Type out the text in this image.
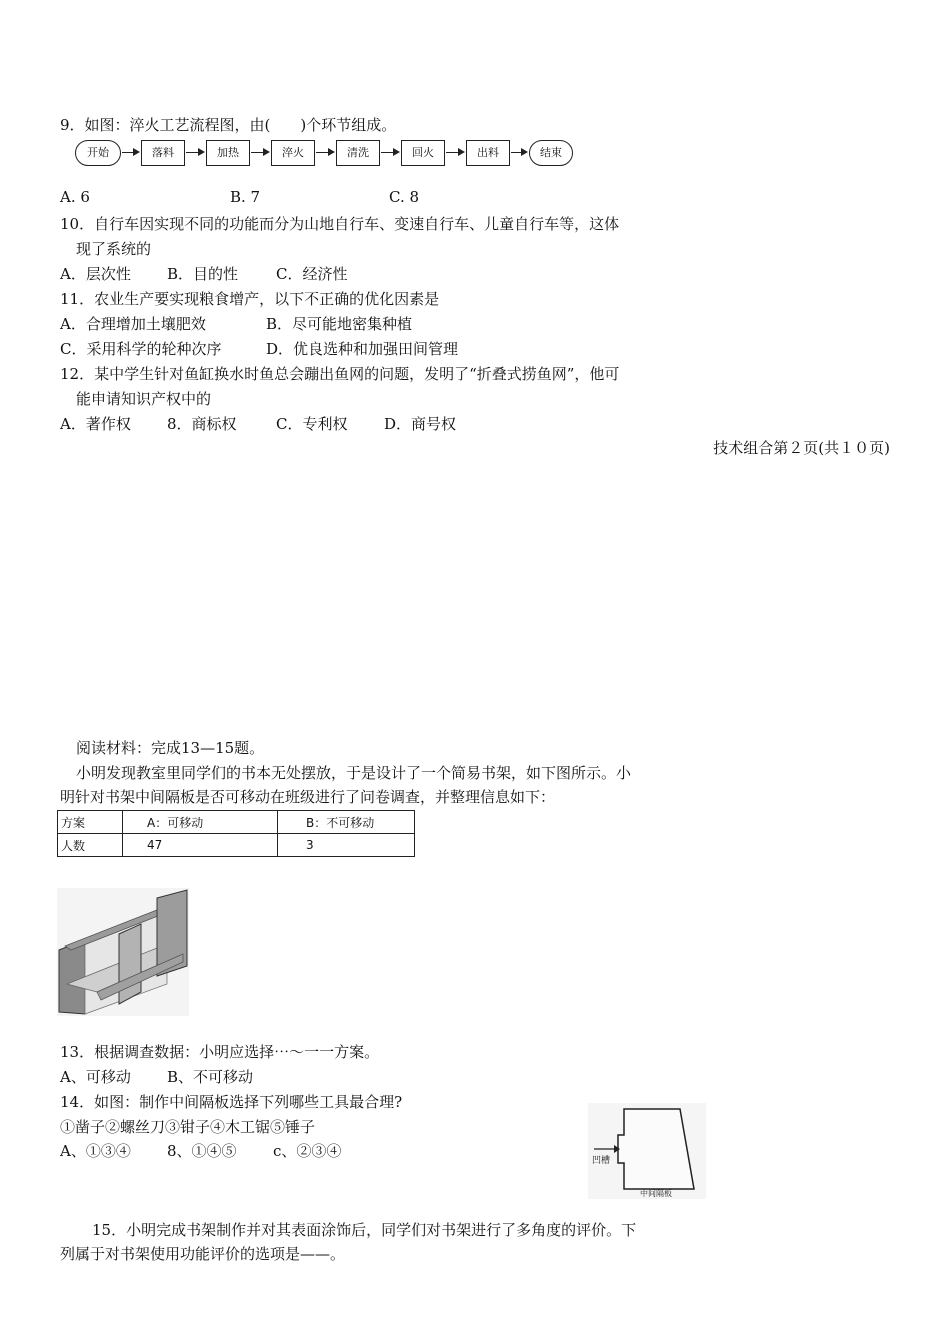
9．如图：淬火工艺流程图，由(　　)个环节组成。
开始	落料	加热	淬火	清洗	回火	出料	结束
A. 6	B. 7	C. 8
10．自行车因实现不同的功能而分为山地自行车、变速自行车、儿童自行车等，这体
现了系统的
A．层次性 B．目的性	C．经济性
11．农业生产要实现粮食增产，以下不正确的优化因素是
A．合理增加土壤肥效	B．尽可能地密集种植
C．采用科学的轮种次序	D．优良选种和加强田间管理
12．某中学生针对鱼缸换水时鱼总会蹦出鱼网的问题，发明了“折叠式捞鱼网”，他可
能申请知识产权中的
A．著作权 8．商标权	C．专利权 D．商号权
技术组合第２页(共１０页)
阅读材料：完成13—15题。
小明发现教室里同学们的书本无处摆放，于是设计了一个简易书架，如下图所示。小
明针对书架中间隔板是否可移动在班级进行了问卷调查，并整理信息如下：
方案	A：可移动	B：不可移动
人数	47	3
13．根据调查数据：小明应选择⋯～一一方案。
A、可移动 B、不可移动
14．如图：制作中间隔板选择下列哪些工具最合理?
①凿子②螺丝刀③钳子④木工锯⑤锤子
A、①③④ 8、①④⑤ c、②③④
凹槽
中间隔板
15．小明完成书架制作并对其表面涂饰后，同学们对书架进行了多角度的评价。下
列属于对书架使用功能评价的选项是——。
